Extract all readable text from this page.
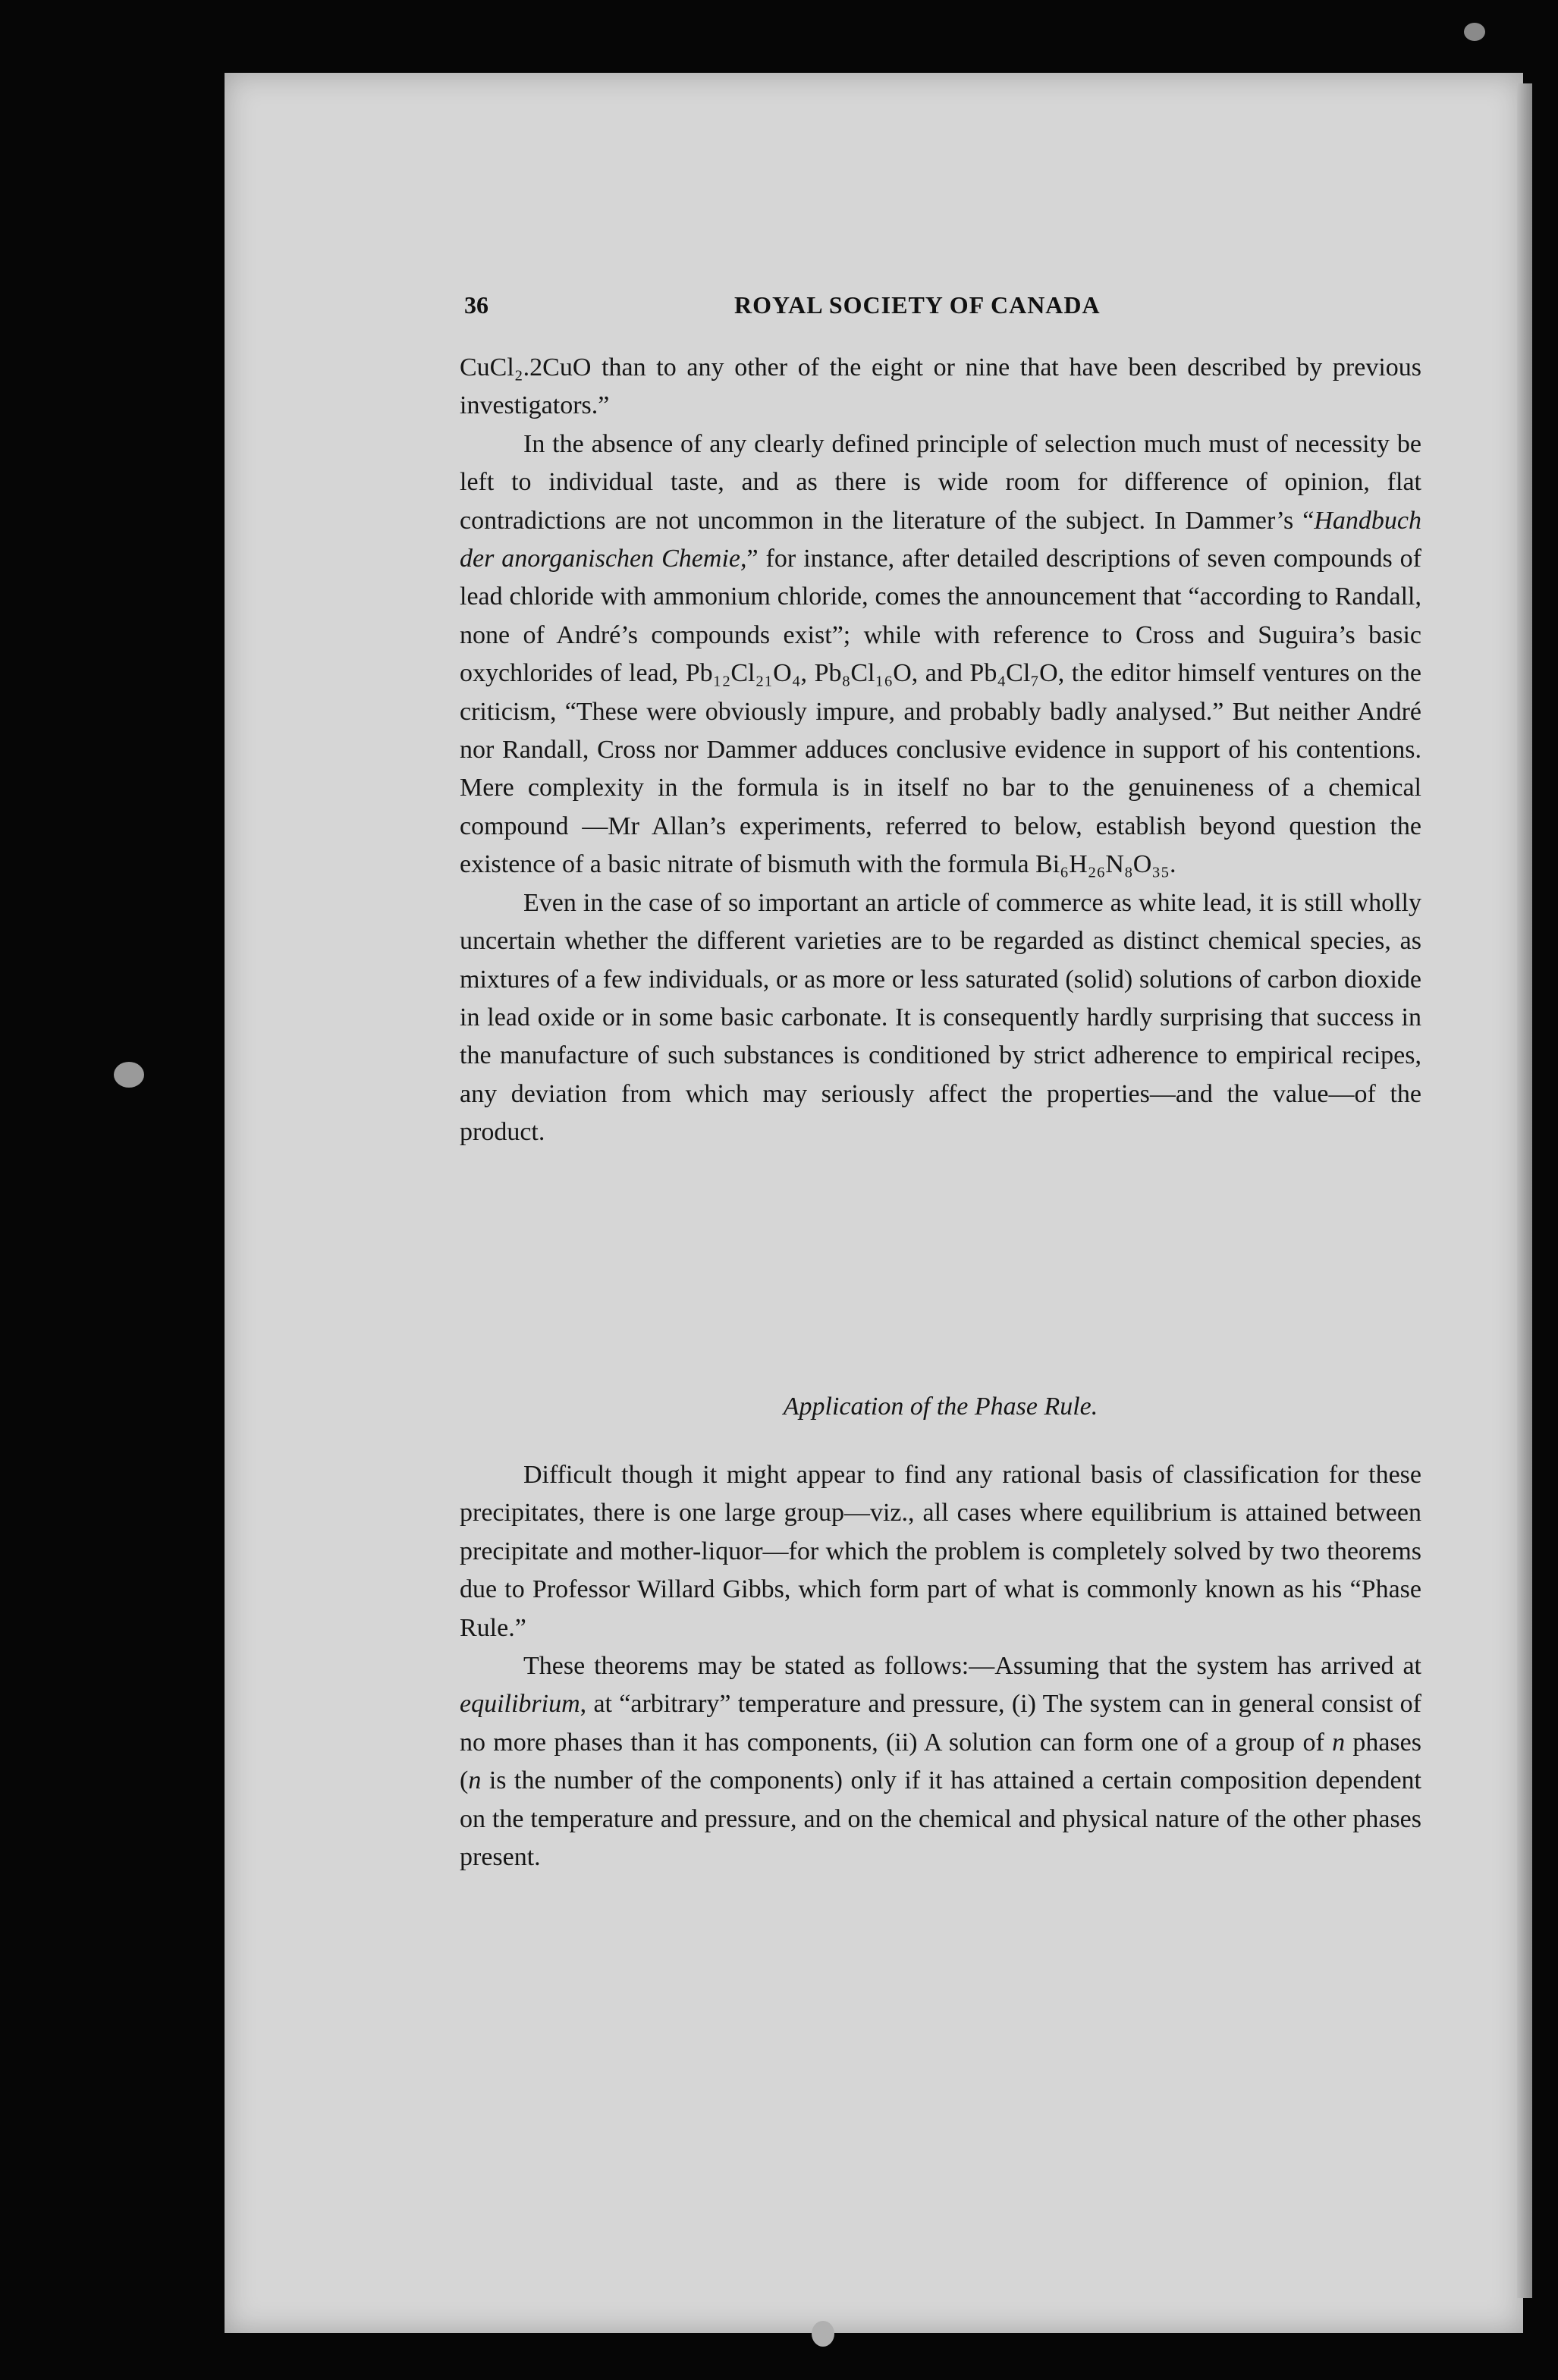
36	ROYAL SOCIETY OF CANADA

CuCl₂.2CuO than to any other of the eight or nine that have been described by previous investigators.”

In the absence of any clearly defined principle of selection much must of necessity be left to individual taste, and as there is wide room for difference of opinion, flat contradictions are not uncommon in the literature of the subject. In Dammer’s “Handbuch der anorganischen Chemie,” for instance, after detailed descriptions of seven compounds of lead chloride with ammonium chloride, comes the announcement that “according to Randall, none of André’s compounds exist”; while with reference to Cross and Suguira’s basic oxychlorides of lead, Pb₁₂Cl₂₁O₄, Pb₈Cl₁₆O, and Pb₄Cl₇O, the editor himself ventures on the criticism, “These were obviously impure, and probably badly analysed.” But neither André nor Randall, Cross nor Dammer adduces conclusive evidence in support of his contentions. Mere complexity in the formula is in itself no bar to the genuineness of a chemical compound —Mr Allan’s experiments, referred to below, establish beyond question the existence of a basic nitrate of bismuth with the formula Bi₆H₂₆N₈O₃₅.

Even in the case of so important an article of commerce as white lead, it is still wholly uncertain whether the different varieties are to be regarded as distinct chemical species, as mixtures of a few individuals, or as more or less saturated (solid) solutions of carbon dioxide in lead oxide or in some basic carbonate. It is consequently hardly surprising that success in the manufacture of such substances is conditioned by strict adherence to empirical recipes, any deviation from which may seriously affect the properties—and the value—of the product.

Application of the Phase Rule.

Difficult though it might appear to find any rational basis of classification for these precipitates, there is one large group—viz., all cases where equilibrium is attained between precipitate and mother-liquor—for which the problem is completely solved by two theorems due to Professor Willard Gibbs, which form part of what is commonly known as his “Phase Rule.”

These theorems may be stated as follows:—Assuming that the system has arrived at equilibrium, at “arbitrary” temperature and pressure, (i) The system can in general consist of no more phases than it has components, (ii) A solution can form one of a group of n phases (n is the number of the components) only if it has attained a certain composition dependent on the temperature and pressure, and on the chemical and physical nature of the other phases present.
